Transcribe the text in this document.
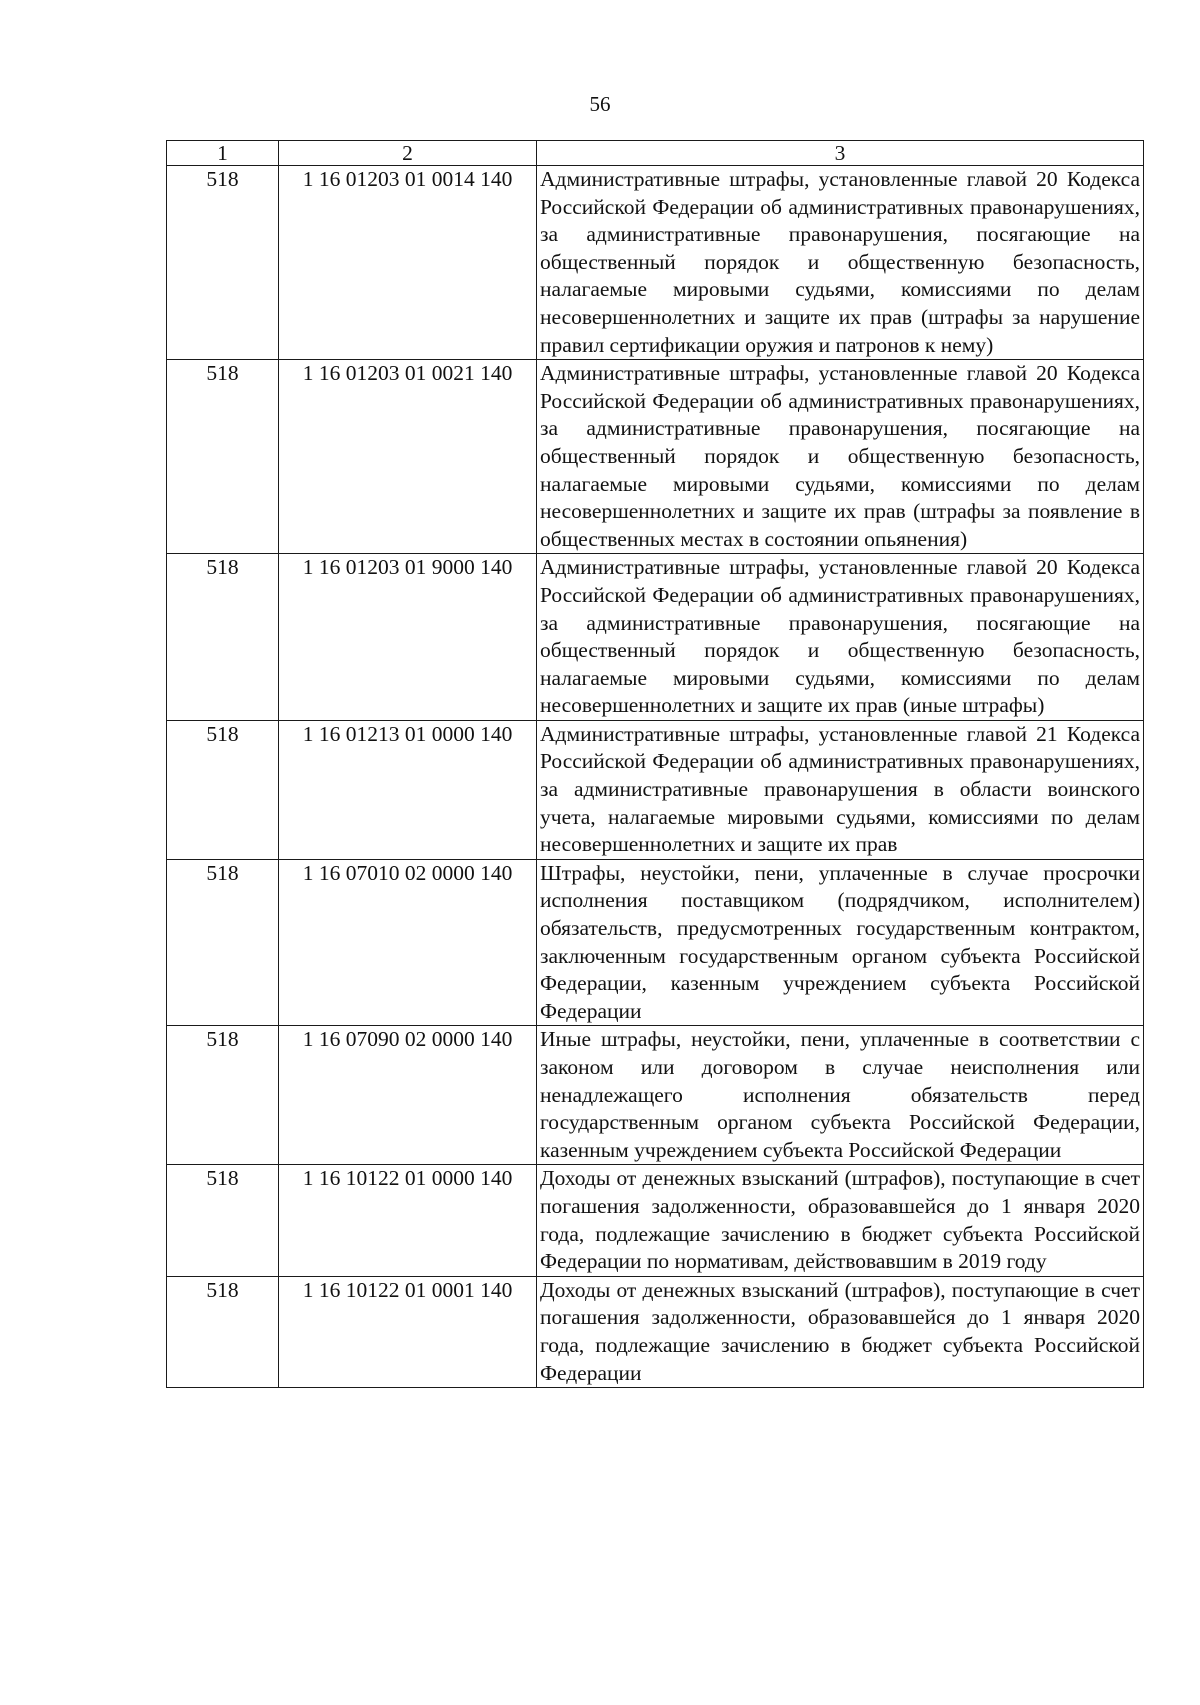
56
1	2	3
518	1 16 01203 01 0014 140	Административные штрафы, установленные главой 20 Кодекса Российской Федерации об административных правонарушениях, за административные правонарушения, посягающие на общественный порядок и общественную безопасность, налагаемые мировыми судьями, комиссиями по делам несовершеннолетних и защите их прав (штрафы за нарушение правил сертификации оружия и патронов к нему)
518	1 16 01203 01 0021 140	Административные штрафы, установленные главой 20 Кодекса Российской Федерации об административных правонарушениях, за административные правонарушения, посягающие на общественный порядок и общественную безопасность, налагаемые мировыми судьями, комиссиями по делам несовершеннолетних и защите их прав (штрафы за появление в общественных местах в состоянии опьянения)
518	1 16 01203 01 9000 140	Административные штрафы, установленные главой 20 Кодекса Российской Федерации об административных правонарушениях, за административные правонарушения, посягающие на общественный порядок и общественную безопасность, налагаемые мировыми судьями, комиссиями по делам несовершеннолетних и защите их прав (иные штрафы)
518	1 16 01213 01 0000 140	Административные штрафы, установленные главой 21 Кодекса Российской Федерации об административных правонарушениях, за административные правонарушения в области воинского учета, налагаемые мировыми судьями, комиссиями по делам несовершеннолетних и защите их прав
518	1 16 07010 02 0000 140	Штрафы, неустойки, пени, уплаченные в случае просрочки исполнения поставщиком (подрядчиком, исполнителем) обязательств, предусмотренных государственным контрактом, заключенным государственным органом субъекта Российской Федерации, казенным учреждением субъекта Российской Федерации
518	1 16 07090 02 0000 140	Иные штрафы, неустойки, пени, уплаченные в соответствии с законом или договором в случае неисполнения или ненадлежащего исполнения обязательств перед государственным органом субъекта Российской Федерации, казенным учреждением субъекта Российской Федерации
518	1 16 10122 01 0000 140	Доходы от денежных взысканий (штрафов), поступающие в счет погашения задолженности, образовавшейся до 1 января 2020 года, подлежащие зачислению в бюджет субъекта Российской Федерации по нормативам, действовавшим в 2019 году
518	1 16 10122 01 0001 140	Доходы от денежных взысканий (штрафов), поступающие в счет погашения задолженности, образовавшейся до 1 января 2020 года, подлежащие зачислению в бюджет субъекта Российской Федерации
